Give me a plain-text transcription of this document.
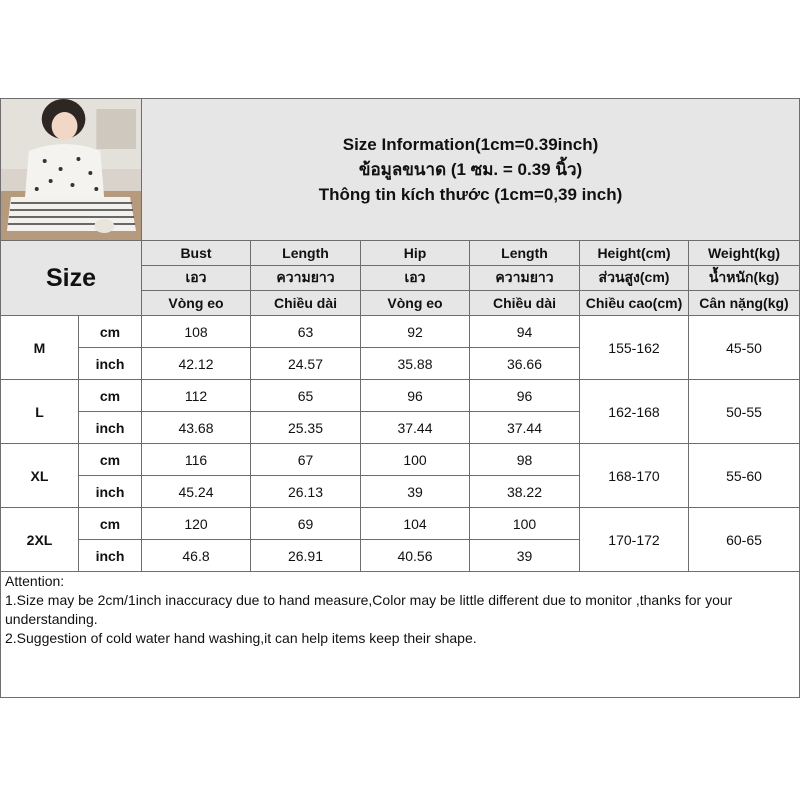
Size Information(1cm=0.39inch)
ข้อมูลขนาด (1 ซม. = 0.39 นิ้ว)
Thông tin kích thước (1cm=0,39 inch)					

Size		Bust	Length	Hip	Length	Height(cm)	Weight(kg)
		เอว	ความยาว	เอว	ความยาว	ส่วนสูง(cm)	น้ำหนัก(kg)
		Vòng eo	Chiều dài	Vòng eo	Chiều dài	Chiều cao(cm)	Cân nặng(kg)
M	cm	108	63	92	94	155-162	45-50
	inch	42.12	24.57	35.88	36.66		
L	cm	112	65	96	96	162-168	50-55
	inch	43.68	25.35	37.44	37.44		
XL	cm	116	67	100	98	168-170	55-60
	inch	45.24	26.13	39	38.22		
2XL	cm	120	69	104	100	170-172	60-65
	inch	46.8	26.91	40.56	39		

Attention:
1.Size may be 2cm/1inch inaccuracy due to hand measure,Color may be little different due to monitor ,thanks for your understanding.
2.Suggestion of cold water hand washing,it can help items keep their shape.							
